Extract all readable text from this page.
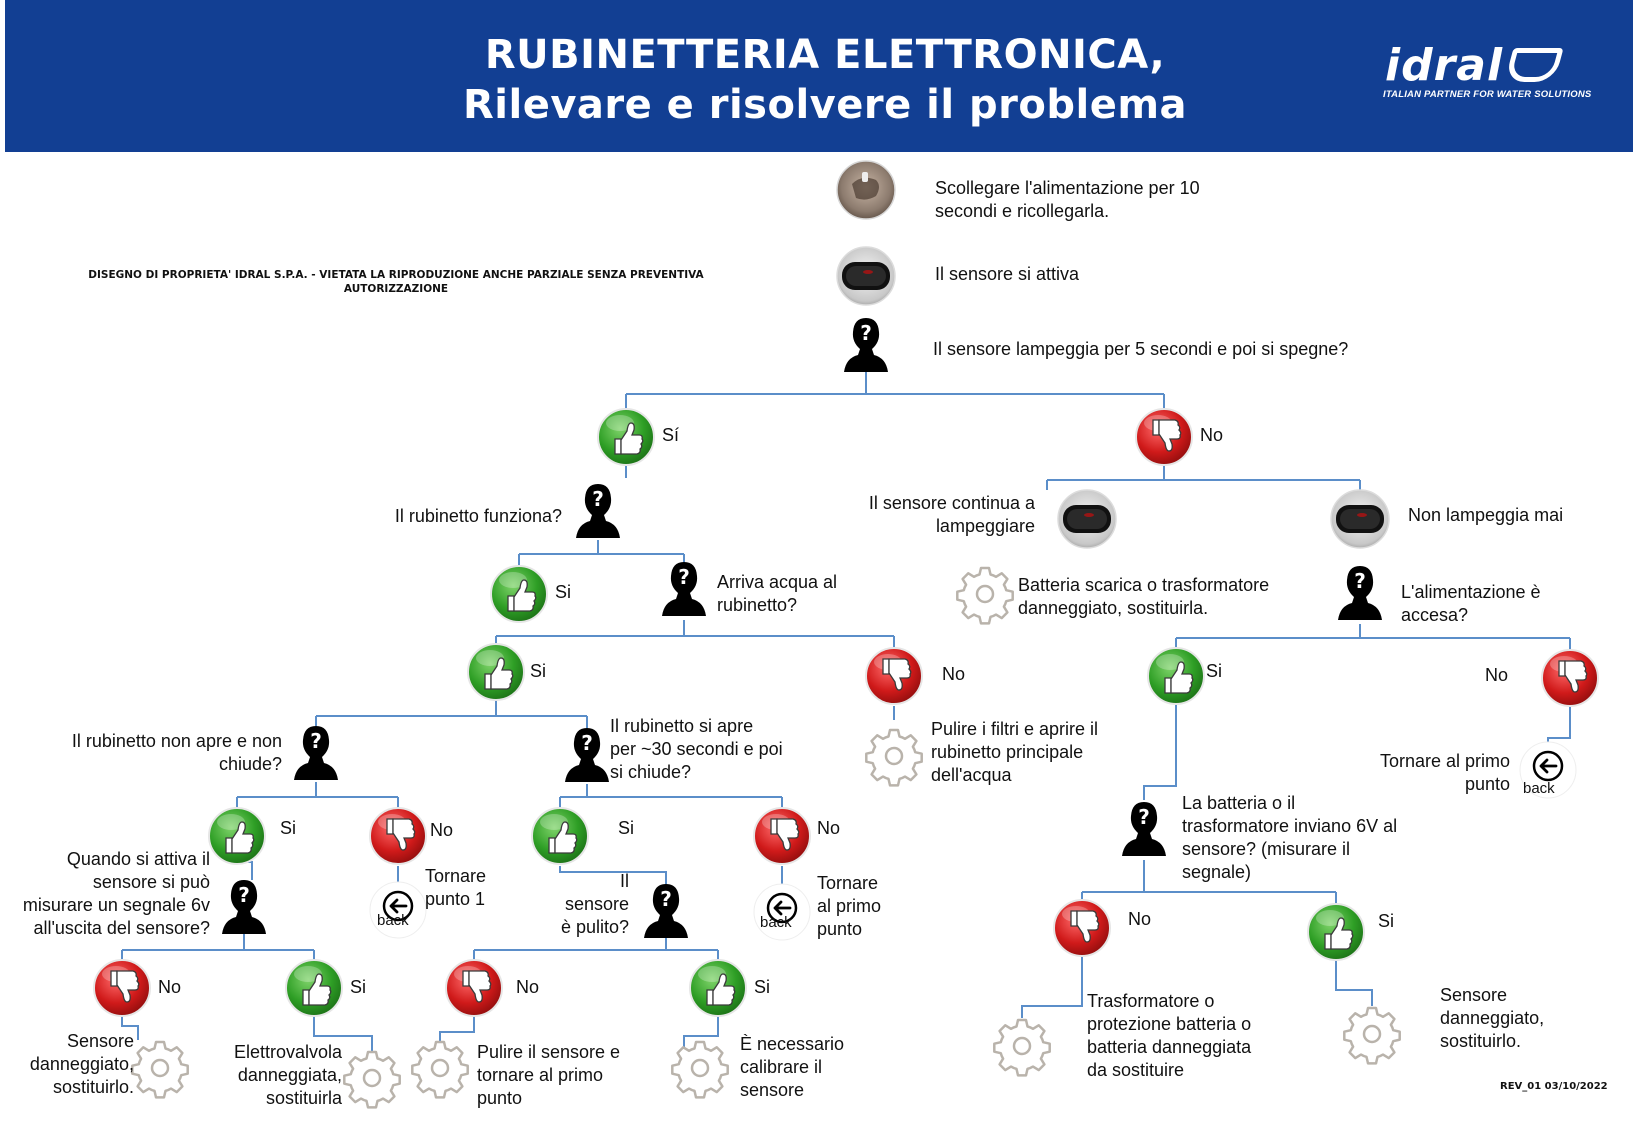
RUBINETTERIA ELETTRONICA,
Rilevare e risolvere il problema
idral
ITALIAN PARTNER FOR WATER SOLUTIONS
DISEGNO DI PROPRIETA' IDRAL S.P.A. - VIETATA LA RIPRODUZIONE ANCHE PARZIALE SENZA PREVENTIVA
AUTORIZZAZIONE
REV_01 03/10/2022
Scollegare l'alimentazione per 10
secondi e ricollegarla.
Il sensore si attiva
Il sensore lampeggia per 5 secondi e poi si spegne?
Sí	No
Il rubinetto funziona?
Il sensore continua a
lampeggiare
Non lampeggia mai
Si	Arriva acqua al
rubinetto?
Batteria scarica o trasformatore
danneggiato, sostituirla.
L'alimentazione è
accesa?
Si	No	Si	No
Il rubinetto non apre e non
chiude?
Il rubinetto si apre
per ~30 secondi e poi
si chiude?
Pulire i filtri e aprire il
rubinetto principale
dell'acqua
Tornare al primo
punto back
Si	No	Si	No
La batteria o il
trasformatore inviano 6V al
sensore? (misurare il
segnale)
Quando si attiva il
sensore si può
misurare un segnale 6v
all'uscita del sensore?
Tornare
punto 1
back
Il
sensore
è pulito?
Tornare
al primo
punto
back	No	Si
No	Si	No	Si
Trasformatore o
protezione batteria o
batteria danneggiata
da sostituire
Sensore
danneggiato,
sostituirlo.
Sensore
danneggiato,
sostituirlo.
Elettrovalvola
danneggiata,
sostituirla
Pulire il sensore e
tornare al primo
punto
È necessario
calibrare il
sensore
